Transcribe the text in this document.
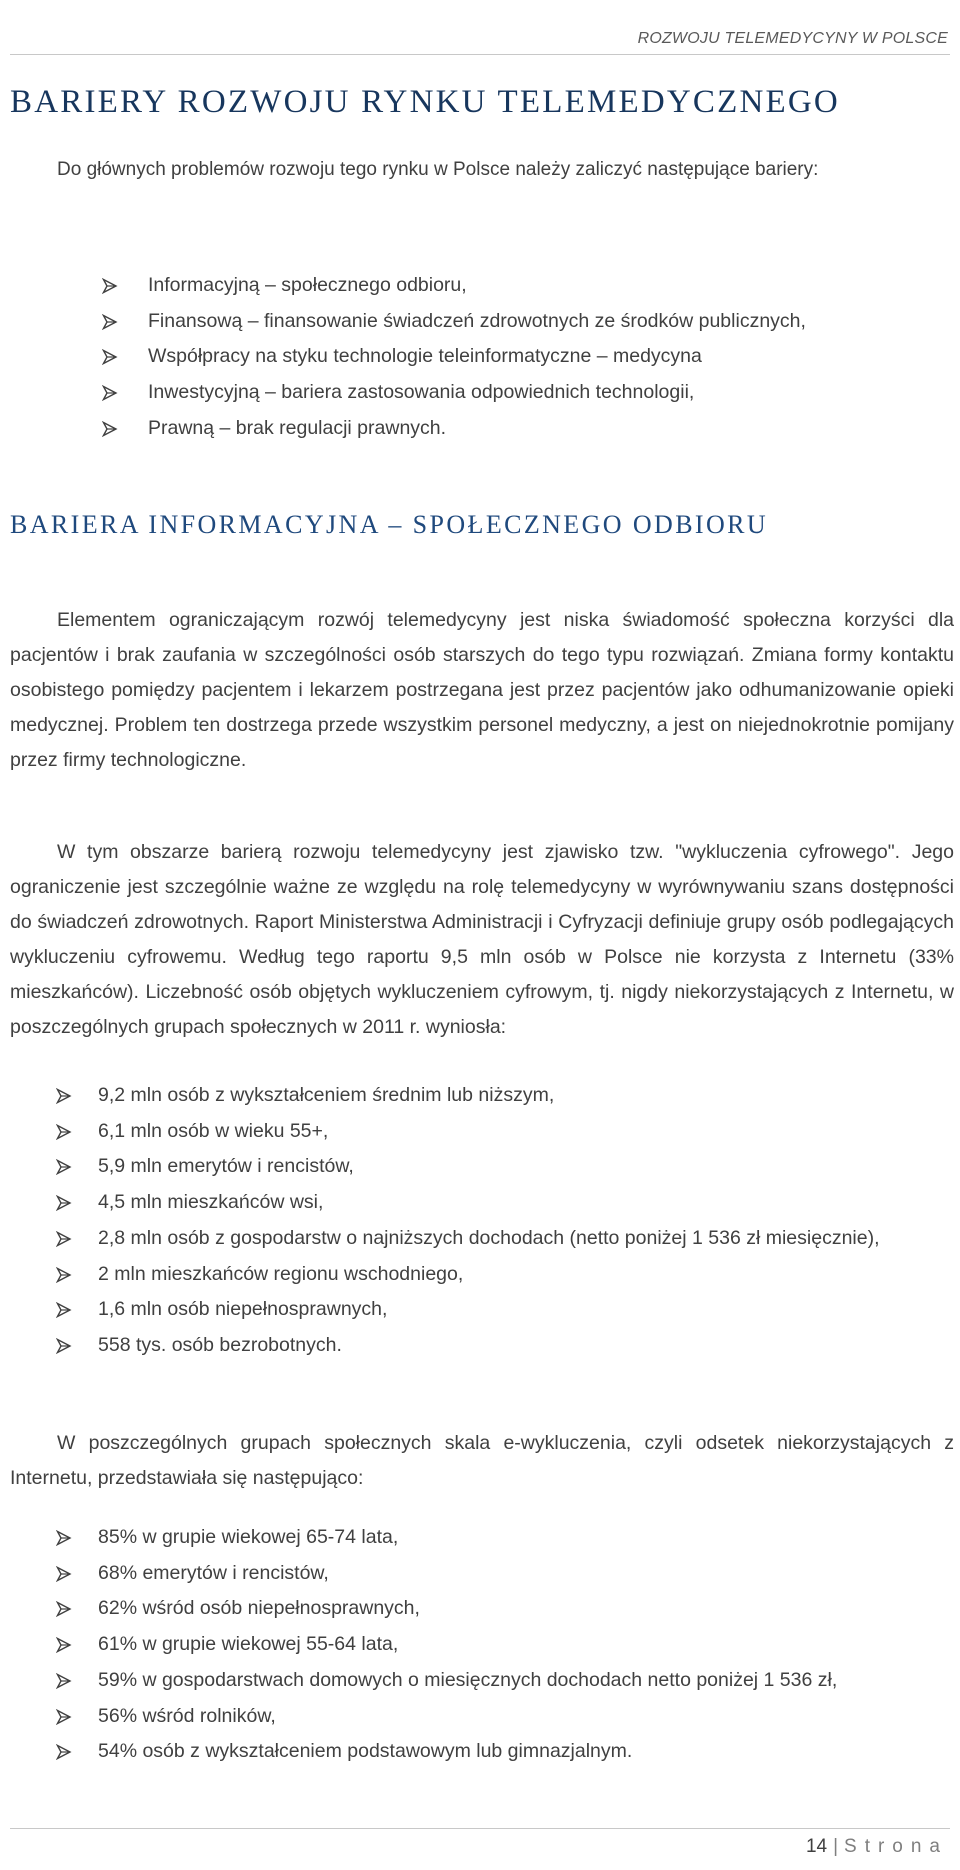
ROZWOJU TELEMEDYCYNY W POLSCE
BARIERY ROZWOJU RYNKU TELEMEDYCZNEGO

Do głównych problemów rozwoju tego rynku w Polsce należy zaliczyć następujące bariery:

Informacyjną – społecznego odbioru,
Finansową – finansowanie świadczeń zdrowotnych ze środków publicznych,
Współpracy na styku technologie teleinformatyczne – medycyna
Inwestycyjną – bariera zastosowania odpowiednich technologii,
Prawną – brak regulacji prawnych.
BARIERA INFORMACYJNA – SPOŁECZNEGO ODBIORU

Elementem ograniczającym rozwój telemedycyny jest niska świadomość społeczna korzyści dla pacjentów i brak zaufania w szczególności osób starszych do tego typu rozwiązań. Zmiana formy kontaktu osobistego pomiędzy pacjentem i lekarzem postrzegana jest przez pacjentów jako odhumanizowanie opieki medycznej. Problem ten dostrzega przede wszystkim personel medyczny, a jest on niejednokrotnie pomijany przez firmy technologiczne.

W tym obszarze barierą rozwoju telemedycyny jest zjawisko tzw. "wykluczenia cyfrowego". Jego ograniczenie jest szczególnie ważne ze względu na rolę telemedycyny w wyrównywaniu szans dostępności do świadczeń zdrowotnych. Raport Ministerstwa Administracji i Cyfryzacji definiuje grupy osób podlegających wykluczeniu cyfrowemu. Według tego raportu 9,5 mln osób w Polsce nie korzysta z Internetu (33% mieszkańców). Liczebność osób objętych wykluczeniem cyfrowym, tj. nigdy niekorzystających z Internetu, w poszczególnych grupach społecznych w 2011 r. wyniosła:

9,2 mln osób z wykształceniem średnim lub niższym,
6,1 mln osób w wieku 55+,
5,9 mln emerytów i rencistów,
4,5 mln mieszkańców wsi,
2,8 mln osób z gospodarstw o najniższych dochodach (netto poniżej 1 536 zł miesięcznie),
2 mln mieszkańców regionu wschodniego,
1,6 mln osób niepełnosprawnych,
558 tys. osób bezrobotnych.

W poszczególnych grupach społecznych skala e-wykluczenia, czyli odsetek niekorzystających z Internetu, przedstawiała się następująco:

85% w grupie wiekowej 65-74 lata,
68% emerytów i rencistów,
62% wśród osób niepełnosprawnych,
61% w grupie wiekowej 55-64 lata,
59% w gospodarstwach domowych o miesięcznych dochodach netto poniżej 1 536 zł,
56% wśród rolników,
54% osób z wykształceniem podstawowym lub gimnazjalnym.
14 | Strona
